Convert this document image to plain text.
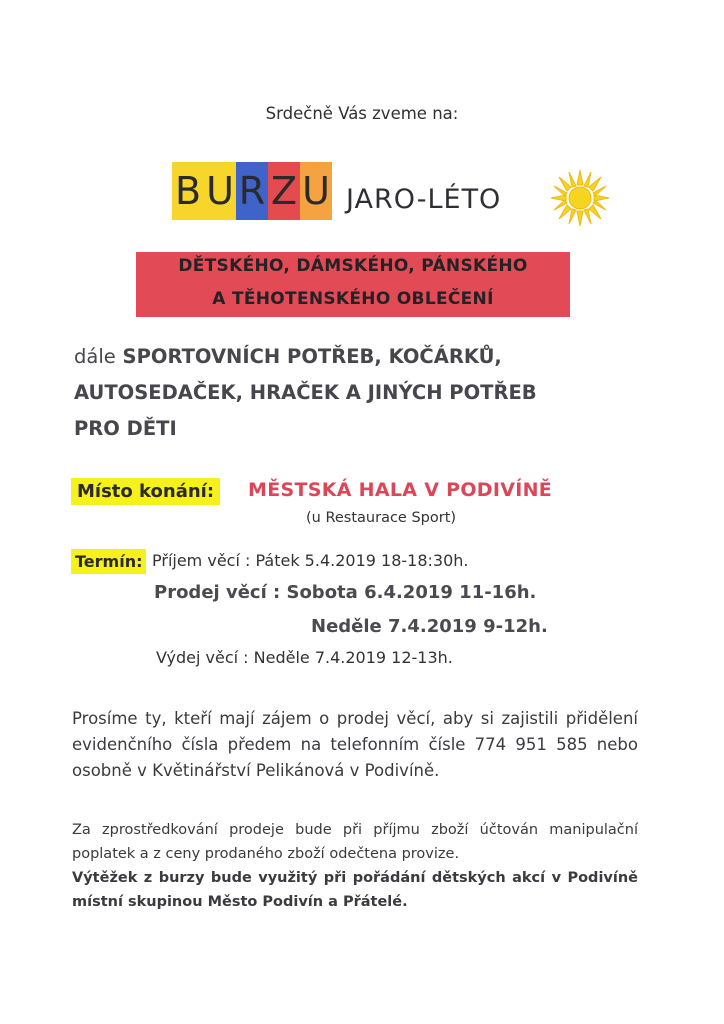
Srdečně Vás zveme na:
B U R Z U JARO-LÉTO
DĚTSKÉHO, DÁMSKÉHO, PÁNSKÉHO
A TĚHOTENSKÉHO OBLEČENÍ
dále SPORTOVNÍCH POTŘEB, KOČÁRKŮ,
AUTOSEDAČEK, HRAČEK A JINÝCH POTŘEB
PRO DĚTI
Místo konání:	MĚSTSKÁ HALA V PODIVÍNĚ
(u Restaurace Sport)
Termín: Příjem věcí : Pátek 5.4.2019 18-18:30h.
Prodej věcí : Sobota 6.4.2019 11-16h.
Neděle 7.4.2019 9-12h.
Výdej věcí : Neděle 7.4.2019 12-13h.
Prosíme ty, kteří mají zájem o prodej věcí, aby si zajistili přidělení evidenčního čísla předem na telefonním čísle 774 951 585 nebo osobně v Květinářství Pelikánová v Podivíně.
Za zprostředkování prodeje bude při příjmu zboží účtován manipulační poplatek a z ceny prodaného zboží odečtena provize.
Výtěžek z burzy bude využitý při pořádání dětských akcí v Podivíně místní skupinou Město Podivín a Přátelé.
